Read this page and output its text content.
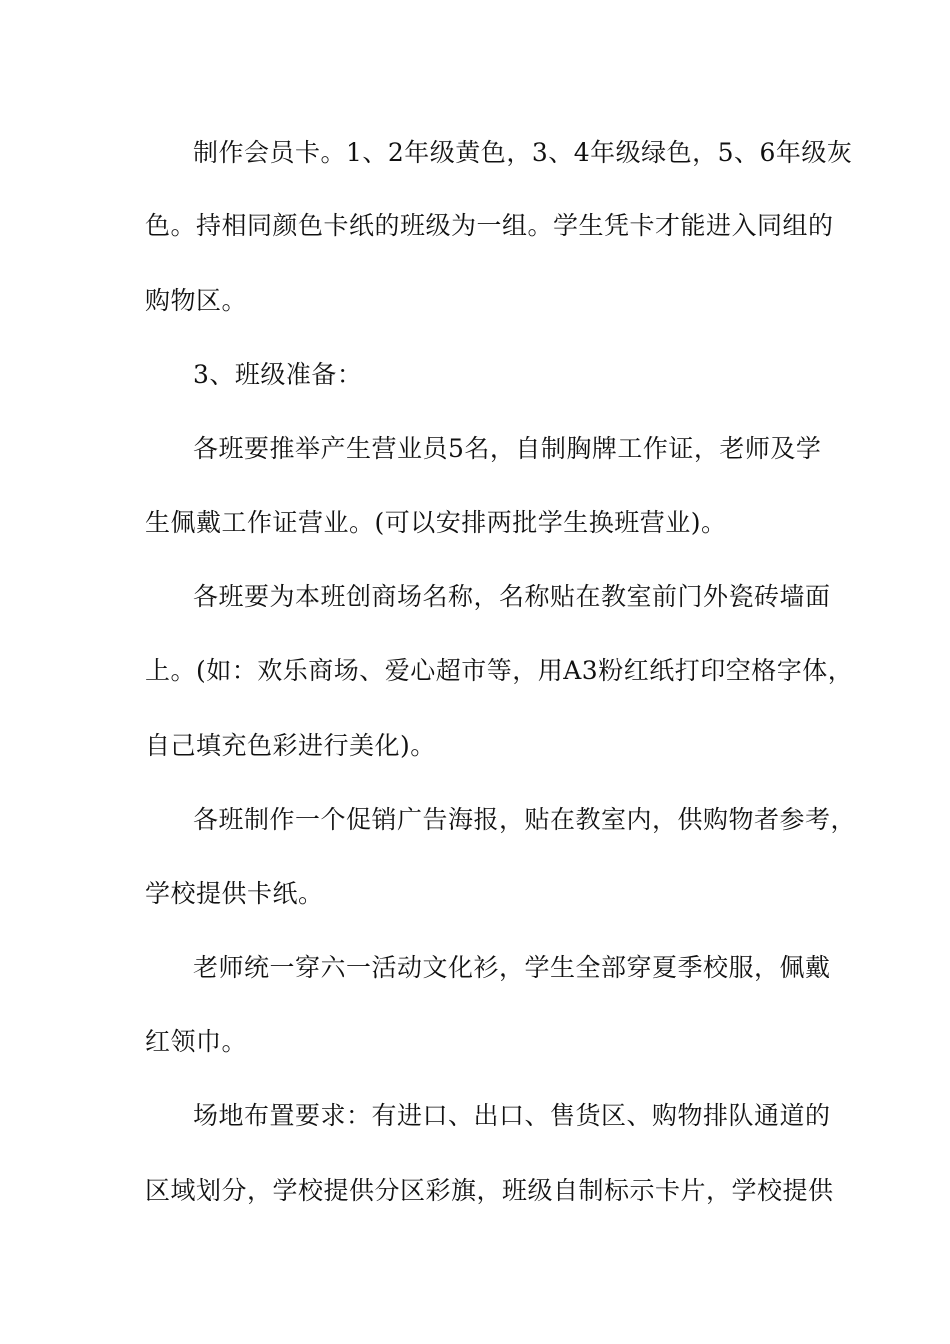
制作会员卡。1、2年级黄色，3、4年级绿色，5、6年级灰
色。持相同颜色卡纸的班级为一组。学生凭卡才能进入同组的
购物区。
3、班级准备：
各班要推举产生营业员5名，自制胸牌工作证，老师及学
生佩戴工作证营业。(可以安排两批学生换班营业)。
各班要为本班创商场名称，名称贴在教室前门外瓷砖墙面
上。(如：欢乐商场、爱心超市等，用A3粉红纸打印空格字体，
自己填充色彩进行美化)。
各班制作一个促销广告海报，贴在教室内，供购物者参考，
学校提供卡纸。
老师统一穿六一活动文化衫，学生全部穿夏季校服，佩戴
红领巾。
场地布置要求：有进口、出口、售货区、购物排队通道的
区域划分，学校提供分区彩旗，班级自制标示卡片，学校提供
